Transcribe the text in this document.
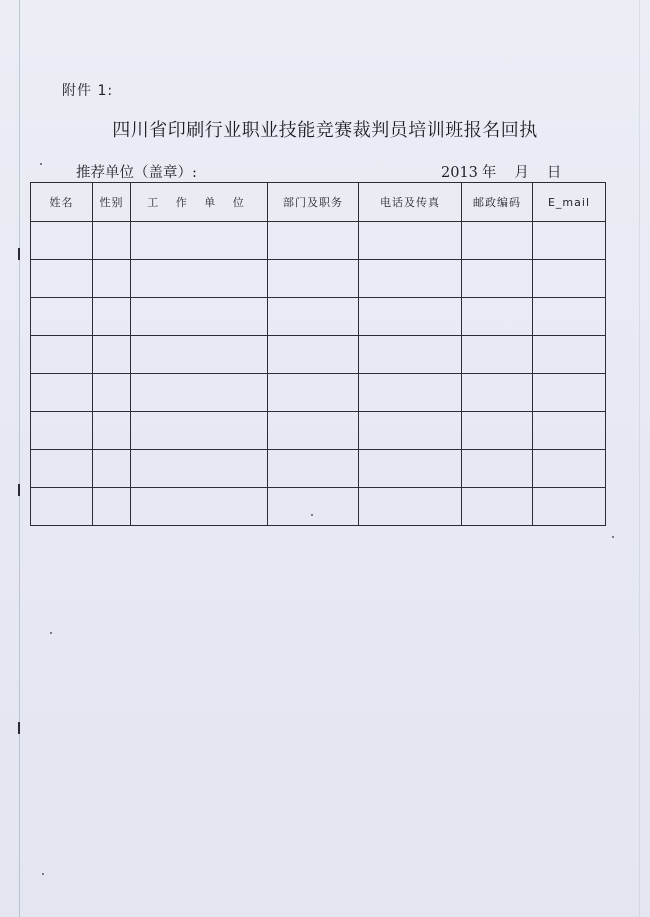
附件 1:
四川省印刷行业职业技能竞赛裁判员培训班报名回执
推荐单位（盖章）:	2013 年 月 日
姓名	性别	工 作 单 位	部门及职务	电话及传真	邮政编码	E_mail
